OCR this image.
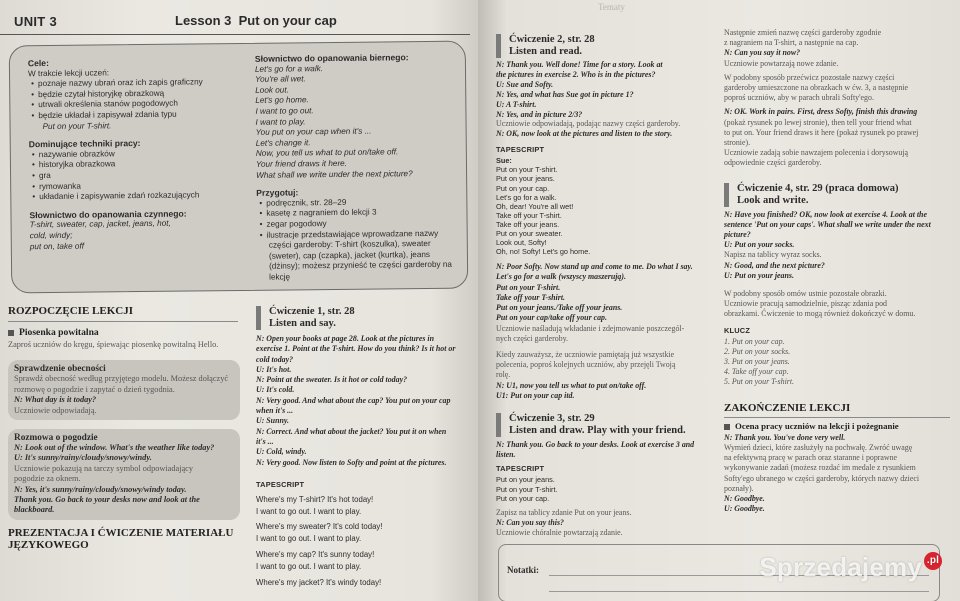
UNIT 3	Lesson 3 Put on your cap
Cele:

W trakcie lekcji uczeń:

• poznaje nazwy ubrań oraz ich zapis graficzny
• będzie czytał historyjkę obrazkową
• utrwali określenia stanów pogodowych
• będzie układał i zapisywał zdania typu

Put on your T-shirt.

Dominujące techniki pracy:
• nazywanie obrazków
• historyjka obrazkowa
• gra
• rymowanka
• układanie i zapisywanie zdań rozkazujących
Słownictwo do opanowania czynnego:

T-shirt, sweater, cap, jacket, jeans, hot,

cold, windy;

put on, take off

Słownictwo do opanowania biernego:

Let's go for a walk.

You're all wet.

Look out.

Let's go home.

I want to go out.

I want to play.

You put on your cap when it's ...

Let's change it.

Now, you tell us what to put on/take off.

Your friend draws it here.

What shall we write under the next picture?

Przygotuj:
• podręcznik, str. 28–29
• kasetę z nagraniem do lekcji 3
• zegar pogodowy
• ilustracje przedstawiające wprowadzane nazwy części garderoby: T-shirt (koszulka), sweater (sweter), cap (czapka), jacket (kurtka), jeans (dżinsy); możesz przynieść te części garderoby na lekcję
ROZPOCZĘCIE LEKCJI
Piosenka powitalna
Zaproś uczniów do kręgu, śpiewając piosenkę powitalną Hello.
Sprawdzenie obecności
Sprawdź obecność według przyjętego modelu. Możesz dołączyć rozmowę o pogodzie i zapytać o dzień tygodnia.
N: What day is it today?
Uczniowie odpowiadają.
Rozmowa o pogodzie
N: Look out of the window. What's the weather like today?
U: It's sunny/rainy/cloudy/snowy/windy.
Uczniowie pokazują na tarczy symbol odpowiadający
pogodzie za oknem.
N: Yes, it's sunny/rainy/cloudy/snowy/windy today.
Thank you. Go back to your desks now and look at the
blackboard.
PREZENTACJA I ĆWICZENIE MATERIAŁU
JĘZYKOWEGO
Ćwiczenie 1, str. 28
Listen and say.
N: Open your books at page 28. Look at the pictures in
exercise 1. Point at the T-shirt. How do you think? Is it hot or
cold today?
U: It's hot.
N: Point at the sweater. Is it hot or cold today?
U: It's cold.
N: Very good. And what about the cap? You put on your cap
when it's ...
U: Sunny.
N: Correct. And what about the jacket? You put it on when
it's ...
U: Cold, windy.
N: Very good. Now listen to Softy and point at the pictures.
TAPESCRIPT
Where's my T-shirt? It's hot today!
I want to go out. I want to play.
Where's my sweater? It's cold today!
I want to go out. I want to play.
Where's my cap? It's sunny today!
I want to go out. I want to play.
Where's my jacket? It's windy today!
Tematy
Ćwiczenie 2, str. 28
Listen and read.
N: Thank you. Well done! Time for a story. Look at
the pictures in exercise 2. Who is in the pictures?
U: Sue and Softy.
N: Yes, and what has Sue got in picture 1?
U: A T-shirt.
N: Yes, and in picture 2/3?
Uczniowie odpowiadają, podając nazwy części garderoby.
N: OK, now look at the pictures and listen to the story.
TAPESCRIPT
Sue:
Put on your T-shirt.
Put on your jeans.
Put on your cap.
Let's go for a walk.
Oh, dear! You're all wet!
Take off your T-shirt.
Take off your jeans.
Put on your sweater.
Look out, Softy!
Oh, no! Softy! Let's go home.
N: Poor Softy. Now stand up and come to me. Do what I say.
Let's go for a walk (wszyscy maszerują).
Put on your T-shirt.
Take off your T-shirt.
Put on your jeans./Take off your jeans.
Put on your cap/take off your cap.
Uczniowie naśladują wkładanie i zdejmowanie poszczegól-
nych części garderoby.
Kiedy zauważysz, że uczniowie pamiętają już wszystkie
polecenia, poproś kolejnych uczniów, aby przejęli Twoją
rolę.
N: U1, now you tell us what to put on/take off.
U1: Put on your cap itd.
Ćwiczenie 3, str. 29
Listen and draw. Play with your friend.
N: Thank you. Go back to your desks. Look at exercise 3 and
listen.
TAPESCRIPT
Put on your jeans.
Put on your T-shirt.
Put on your cap.
Zapisz na tablicy zdanie Put on your jeans.
N: Can you say this?
Uczniowie chóralnie powtarzają zdanie.
Następnie zmień nazwę części garderoby zgodnie
z nagraniem na T-shirt, a następnie na cap.
N: Can you say it now?
Uczniowie powtarzają nowe zdanie.
W podobny sposób przećwicz pozostałe nazwy części
garderoby umieszczone na obrazkach w ćw. 3, a następnie
poproś uczniów, aby w parach ubrali Softy'ego.
N: OK. Work in pairs. First, dress Softy, finish this drawing
(pokaż rysunek po lewej stronie), then tell your friend what
to put on. Your friend draws it here (pokaż rysunek po prawej
stronie).
Uczniowie zadają sobie nawzajem polecenia i dorysowują
odpowiednie części garderoby.
Ćwiczenie 4, str. 29 (praca domowa)
Look and write.
N: Have you finished? OK, now look at exercise 4. Look at the
sentence 'Put on your caps'. What shall we write under the next
picture?
U: Put on your socks.
Napisz na tablicy wyraz socks.
N: Good, and the next picture?
U: Put on your jeans.
W podobny sposób omów ustnie pozostałe obrazki.
Uczniowie pracują samodzielnie, pisząc zdania pod
obrazkami. Ćwiczenie to mogą również dokończyć w domu.
KLUCZ
1. Put on your cap.
2. Put on your socks.
3. Put on your jeans.
4. Take off your cap.
5. Put on your T-shirt.
ZAKOŃCZENIE LEKCJI
Ocena pracy uczniów na lekcji i pożegnanie
N: Thank you. You've done very well.
Wymień dzieci, które zasłużyły na pochwałę. Zwróć uwagę
na efektywną pracę w parach oraz staranne i poprawne
wykonywanie zadań (możesz rozdać im medale z rysunkiem
Softy'ego ubranego w części garderoby, których nazwy dzieci
poznały).
N: Goodbye.
U: Goodbye.
Notatki:	Sprzedajemy .pl
